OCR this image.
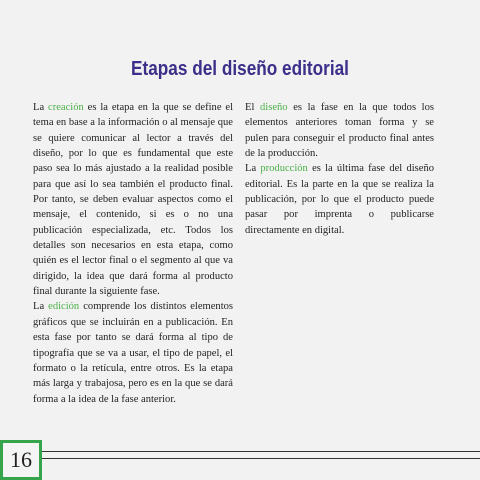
Etapas del diseño editorial

La creación es la etapa en la que se define el tema en base a la información o al mensaje que se quiere comunicar al lector a través del diseño, por lo que es fundamental que este paso sea lo más ajustado a la realidad posible para que así lo sea también el producto final. Por tanto, se deben evaluar aspectos como el mensaje, el contenido, si es o no una publicación especializada, etc. Todos los detalles son necesarios en esta etapa, como quién es el lector final o el segmento al que va dirigido, la idea que dará forma al producto final durante la siguiente fase.

La edición comprende los distintos elementos gráficos que se incluirán en a publicación. En esta fase por tanto se dará forma al tipo de tipografía que se va a usar, el tipo de papel, el formato o la retícula, entre otros. Es la etapa más larga y trabajosa, pero es en la que se dará forma a la idea de la fase anterior.

El diseño es la fase en la que todos los elementos anteriores toman forma y se pulen para conseguir el producto final antes de la producción.

La producción es la última fase del diseño editorial. Es la parte en la que se realiza la publicación, por lo que el producto puede pasar por imprenta o publicarse directamente en digital.

16
